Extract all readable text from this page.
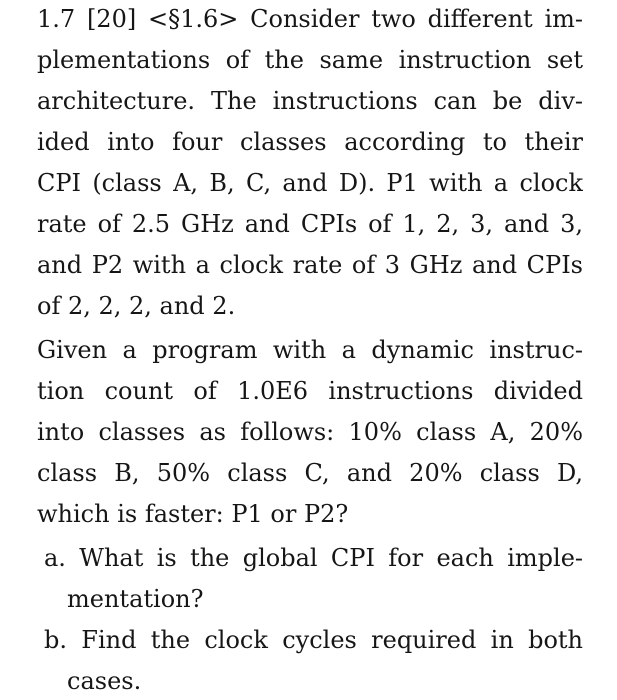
1.7 [20] <§1.6> Consider two different im-
plementations of the same instruction set
architecture. The instructions can be div-
ided into four classes according to their
CPI (class A, B, C, and D). P1 with a clock
rate of 2.5 GHz and CPIs of 1, 2, 3, and 3,
and P2 with a clock rate of 3 GHz and CPIs
of 2, 2, 2, and 2.
Given a program with a dynamic instruc-
tion count of 1.0E6 instructions divided
into classes as follows: 10% class A, 20%
class B, 50% class C, and 20% class D,
which is faster: P1 or P2?
a. What is the global CPI for each imple-
mentation?
b. Find the clock cycles required in both
cases.
